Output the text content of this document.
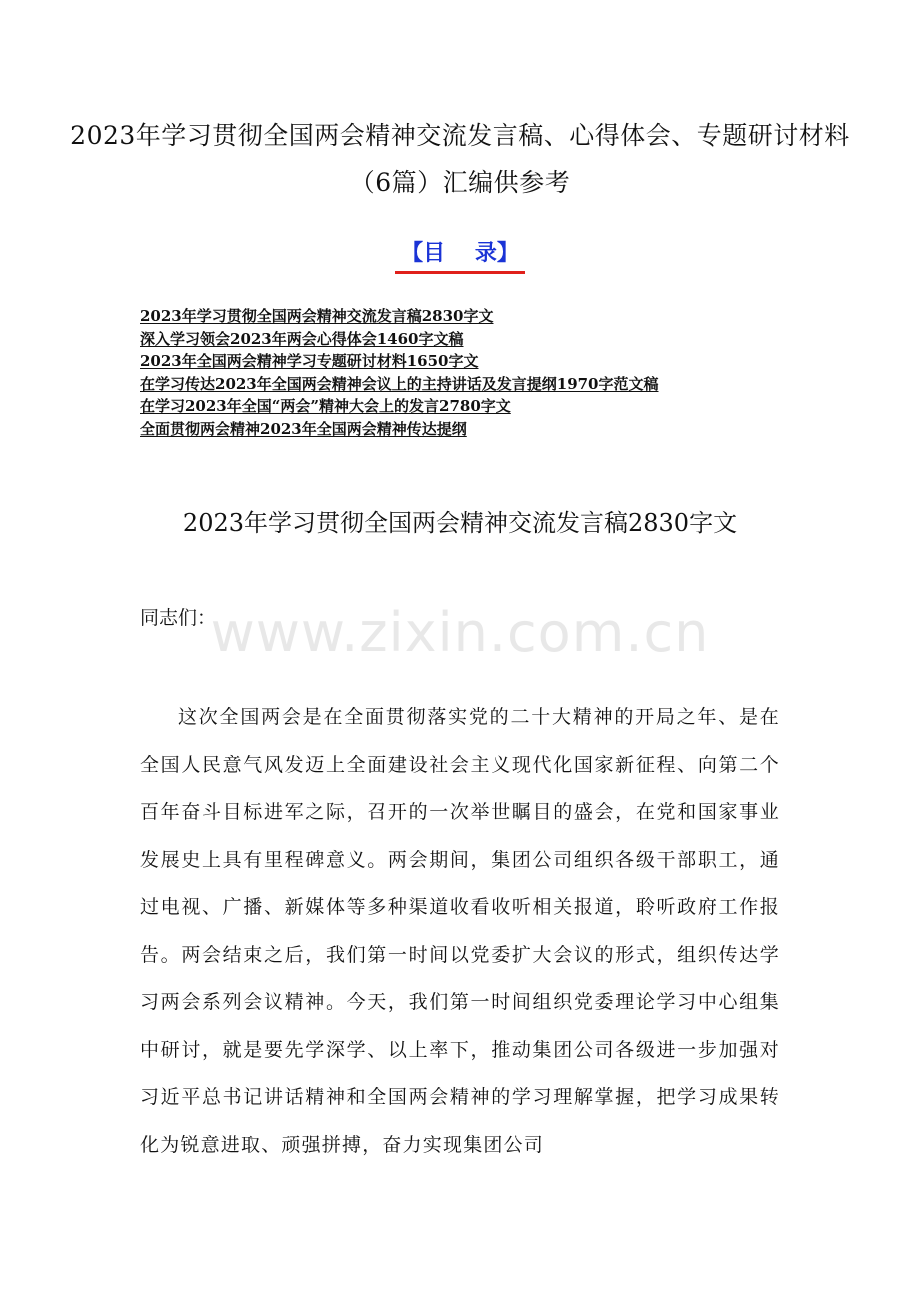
2023年学习贯彻全国两会精神交流发言稿、心得体会、专题研讨材料（6篇）汇编供参考
【目　 录】
2023年学习贯彻全国两会精神交流发言稿2830字文
深入学习领会2023年两会心得体会1460字文稿
2023年全国两会精神学习专题研讨材料1650字文
在学习传达2023年全国两会精神会议上的主持讲话及发言提纲1970字范文稿
在学习2023年全国“两会”精神大会上的发言2780字文
全面贯彻两会精神2023年全国两会精神传达提纲
2023年学习贯彻全国两会精神交流发言稿2830字文
同志们：
www.zixin.com.cn

这次全国两会是在全面贯彻落实党的二十大精神的开局之年、是在全国人民意气风发迈上全面建设社会主义现代化国家新征程、向第二个百年奋斗目标进军之际，召开的一次举世瞩目的盛会，在党和国家事业发展史上具有里程碑意义。两会期间，集团公司组织各级干部职工，通过电视、广播、新媒体等多种渠道收看收听相关报道，聆听政府工作报告。两会结束之后，我们第一时间以党委扩大会议的形式，组织传达学习两会系列会议精神。今天，我们第一时间组织党委理论学习中心组集中研讨，就是要先学深学、以上率下，推动集团公司各级进一步加强对习近平总书记讲话精神和全国两会精神的学习理解掌握，把学习成果转化为锐意进取、顽强拼搏，奋力实现集团公司
